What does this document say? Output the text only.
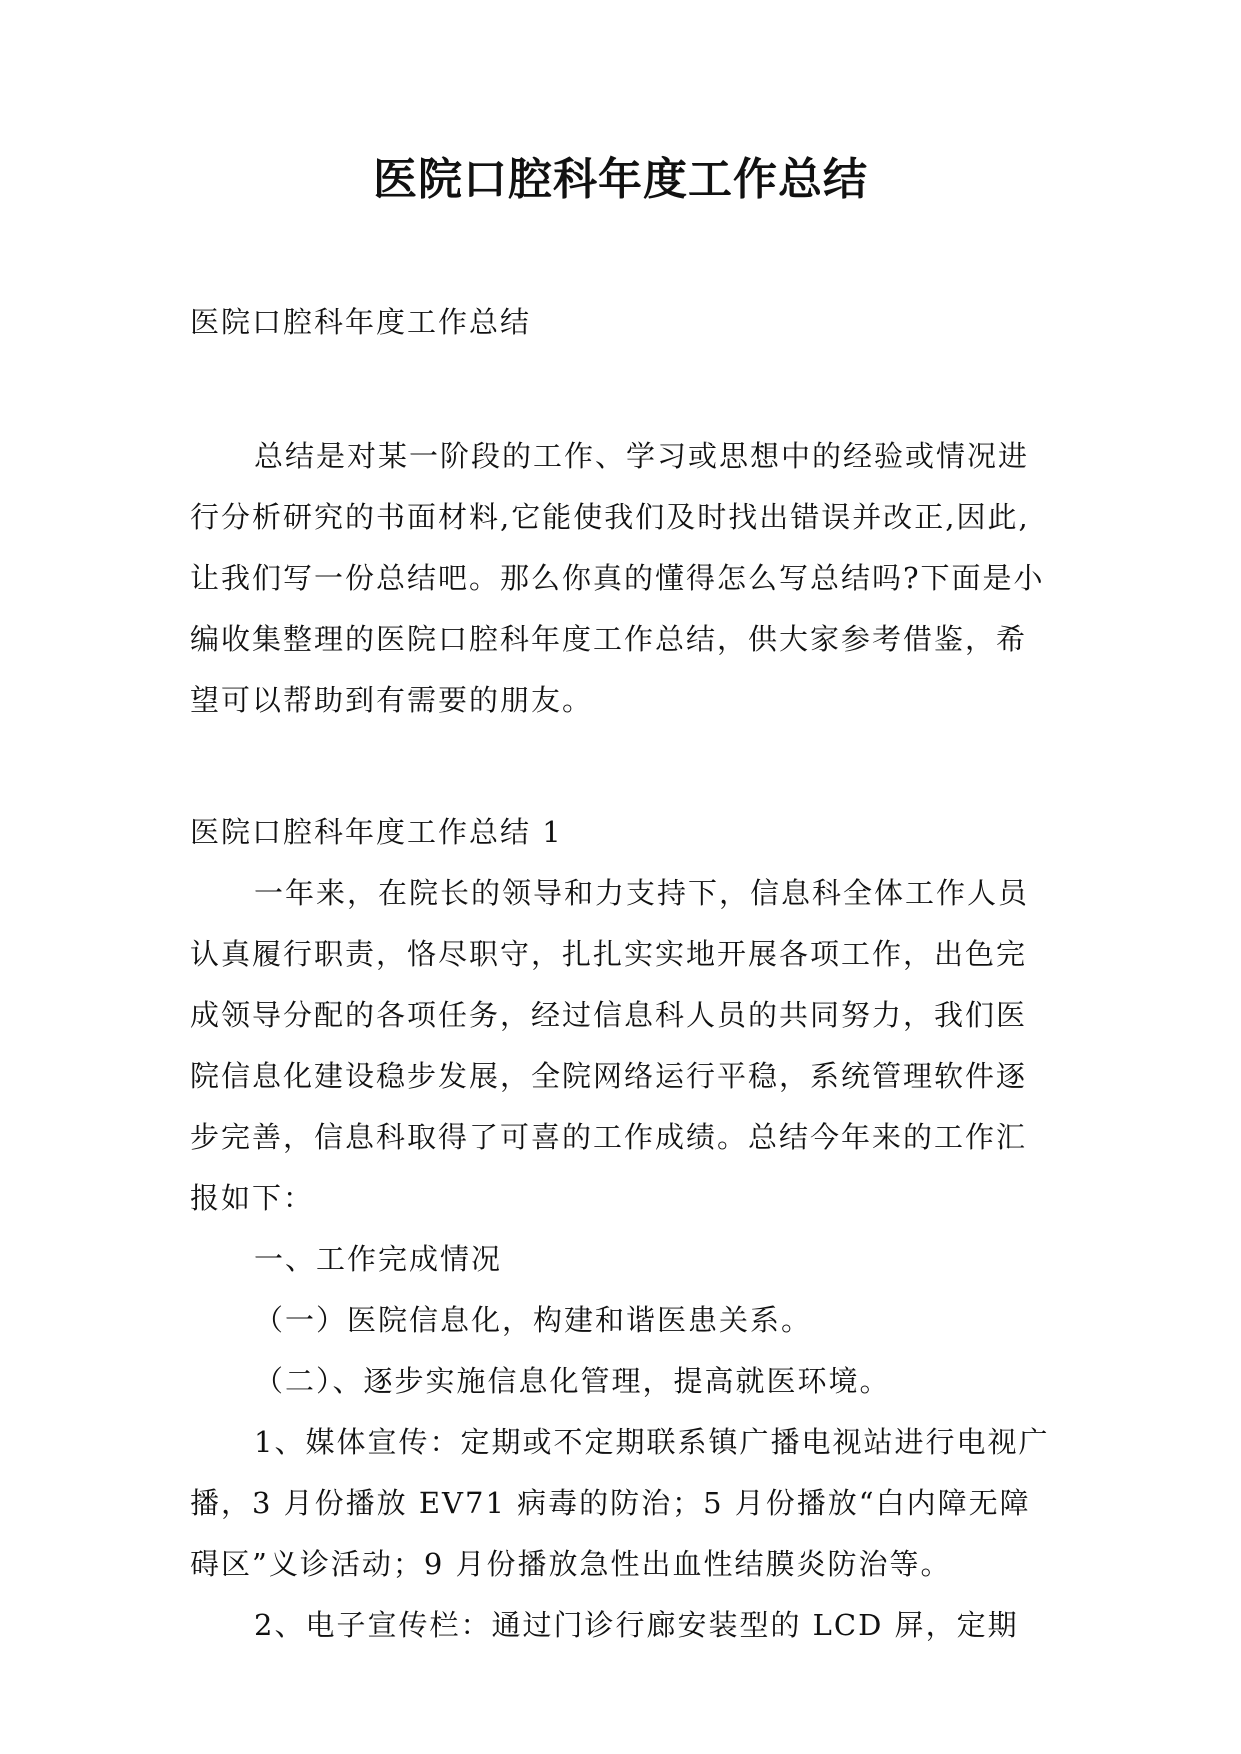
医院口腔科年度工作总结

医院口腔科年度工作总结

总结是对某一阶段的工作、学习或思想中的经验或情况进行分析研究的书面材料,它能使我们及时找出错误并改正,因此,让我们写一份总结吧。那么你真的懂得怎么写总结吗?下面是小编收集整理的医院口腔科年度工作总结，供大家参考借鉴，希望可以帮助到有需要的朋友。

医院口腔科年度工作总结 1

一年来，在院长的领导和力支持下，信息科全体工作人员认真履行职责，恪尽职守，扎扎实实地开展各项工作，出色完成领导分配的各项任务，经过信息科人员的共同努力，我们医院信息化建设稳步发展，全院网络运行平稳，系统管理软件逐步完善，信息科取得了可喜的工作成绩。总结今年来的工作汇报如下：

一、工作完成情况

（一）医院信息化，构建和谐医患关系。

（二）、逐步实施信息化管理，提高就医环境。

1、媒体宣传：定期或不定期联系镇广播电视站进行电视广播，3 月份播放 EV71 病毒的防治；5 月份播放“白内障无障碍区”义诊活动；9 月份播放急性出血性结膜炎防治等。

2、电子宣传栏：通过门诊行廊安装型的 LCD 屏，定期
